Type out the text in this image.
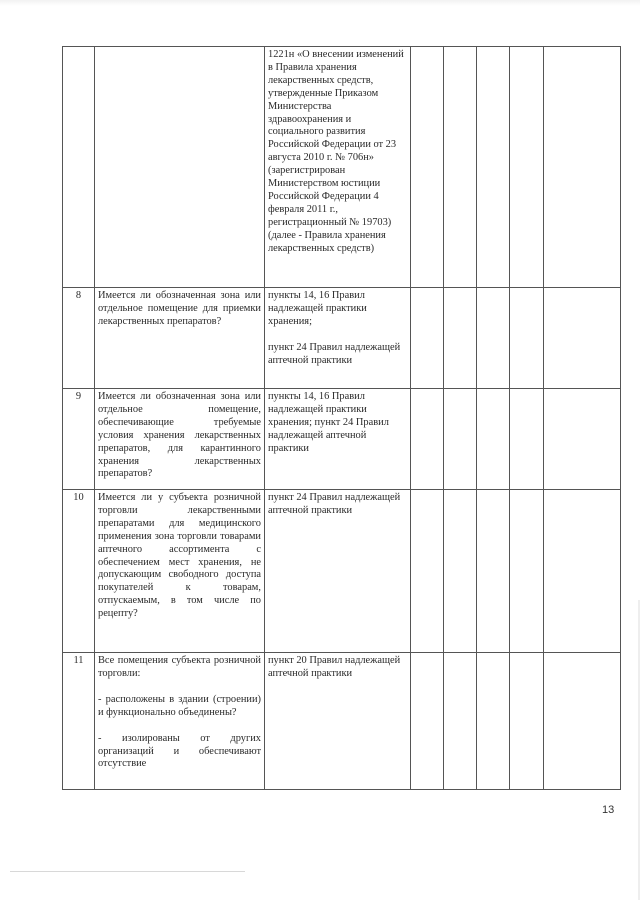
		1221н «О внесении изменений в Правила хранения лекарственных средств, утвержденные Приказом Министерства здравоохранения и социального развития Российской Федерации от 23 августа 2010 г. № 706н» (зарегистрирован Министерством юстиции Российской Федерации 4 февраля 2011 г., регистрационный № 19703) (далее - Правила хранения лекарственных средств)					

8	Имеется ли обозначенная зона или отдельное помещение для приемки лекарственных препаратов?	пункты 14, 16 Правил надлежащей практики хранения;
пункт 24 Правил надлежащей аптечной практики					

9	Имеется ли обозначенная зона или отдельное помещение, обеспечивающие требуемые условия хранения лекарственных препаратов, для карантинного хранения лекарственных препаратов?	пункты 14, 16 Правил надлежащей практики хранения; пункт 24 Правил надлежащей аптечной практики					

10	Имеется ли у субъекта розничной торговли лекарственными препаратами для медицинского применения зона торговли товарами аптечного ассортимента с обеспечением мест хранения, не допускающим свободного доступа покупателей к товарам, отпускаемым, в том числе по рецепту?	пункт 24 Правил надлежащей аптечной практики					

11	Все помещения субъекта розничной торговли:
- расположены в здании (строении) и функционально объединены?
- изолированы от других организаций и обеспечивают отсутствие	пункт 20 Правил надлежащей аптечной практики					

13
